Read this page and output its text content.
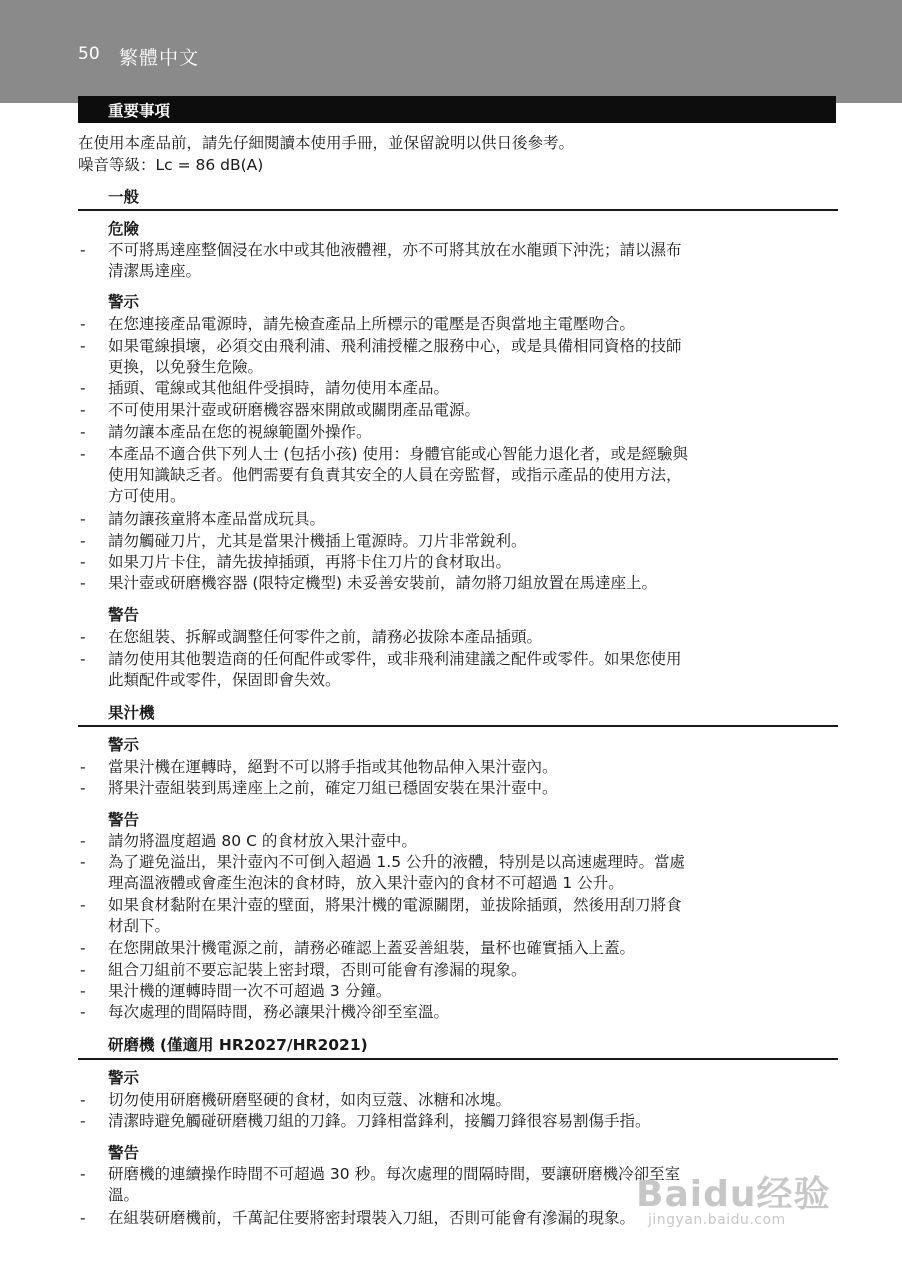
50 繁體中文
重要事項
在使用本產品前，請先仔細閱讀本使用手冊，並保留說明以供日後參考。
噪音等級：Lc = 86 dB(A)
一般
危險
- 不可將馬達座整個浸在水中或其他液體裡，亦不可將其放在水龍頭下沖洗；請以濕布
清潔馬達座。
警示
- 在您連接產品電源時，請先檢查產品上所標示的電壓是否與當地主電壓吻合。
- 如果電線損壞，必須交由飛利浦、飛利浦授權之服務中心，或是具備相同資格的技師
更換，以免發生危險。
- 插頭、電線或其他組件受損時，請勿使用本產品。
- 不可使用果汁壺或研磨機容器來開啟或關閉產品電源。
- 請勿讓本產品在您的視線範圍外操作。
- 本產品不適合供下列人士 (包括小孩) 使用：身體官能或心智能力退化者，或是經驗與
使用知識缺乏者。他們需要有負責其安全的人員在旁監督，或指示產品的使用方法，
方可使用。
- 請勿讓孩童將本產品當成玩具。
- 請勿觸碰刀片，尤其是當果汁機插上電源時。刀片非常銳利。
- 如果刀片卡住，請先拔掉插頭，再將卡住刀片的食材取出。
- 果汁壺或研磨機容器 (限特定機型) 未妥善安裝前，請勿將刀組放置在馬達座上。
警告
- 在您組裝、拆解或調整任何零件之前，請務必拔除本產品插頭。
- 請勿使用其他製造商的任何配件或零件，或非飛利浦建議之配件或零件。如果您使用
此類配件或零件，保固即會失效。
果汁機
警示
- 當果汁機在運轉時，絕對不可以將手指或其他物品伸入果汁壺內。
- 將果汁壺組裝到馬達座上之前，確定刀組已穩固安裝在果汁壺中。
警告
- 請勿將溫度超過 80 C 的食材放入果汁壺中。
- 為了避免溢出，果汁壺內不可倒入超過 1.5 公升的液體，特別是以高速處理時。當處
理高溫液體或會產生泡沫的食材時，放入果汁壺內的食材不可超過 1 公升。
- 如果食材黏附在果汁壺的壁面，將果汁機的電源關閉，並拔除插頭，然後用刮刀將食
材刮下。
- 在您開啟果汁機電源之前，請務必確認上蓋妥善組裝，量杯也確實插入上蓋。
- 組合刀組前不要忘記裝上密封環，否則可能會有滲漏的現象。
- 果汁機的運轉時間一次不可超過 3 分鐘。
- 每次處理的間隔時間，務必讓果汁機冷卻至室溫。
研磨機 (僅適用 HR2027/HR2021)
警示
- 切勿使用研磨機研磨堅硬的食材，如肉豆蔻、冰糖和冰塊。
- 清潔時避免觸碰研磨機刀組的刀鋒。刀鋒相當鋒利，接觸刀鋒很容易割傷手指。
警告
- 研磨機的連續操作時間不可超過 30 秒。每次處理的間隔時間，要讓研磨機冷卻至室
溫。
- 在組裝研磨機前，千萬記住要將密封環裝入刀組，否則可能會有滲漏的現象。
Baidu经验
jingyan.baidu.com
